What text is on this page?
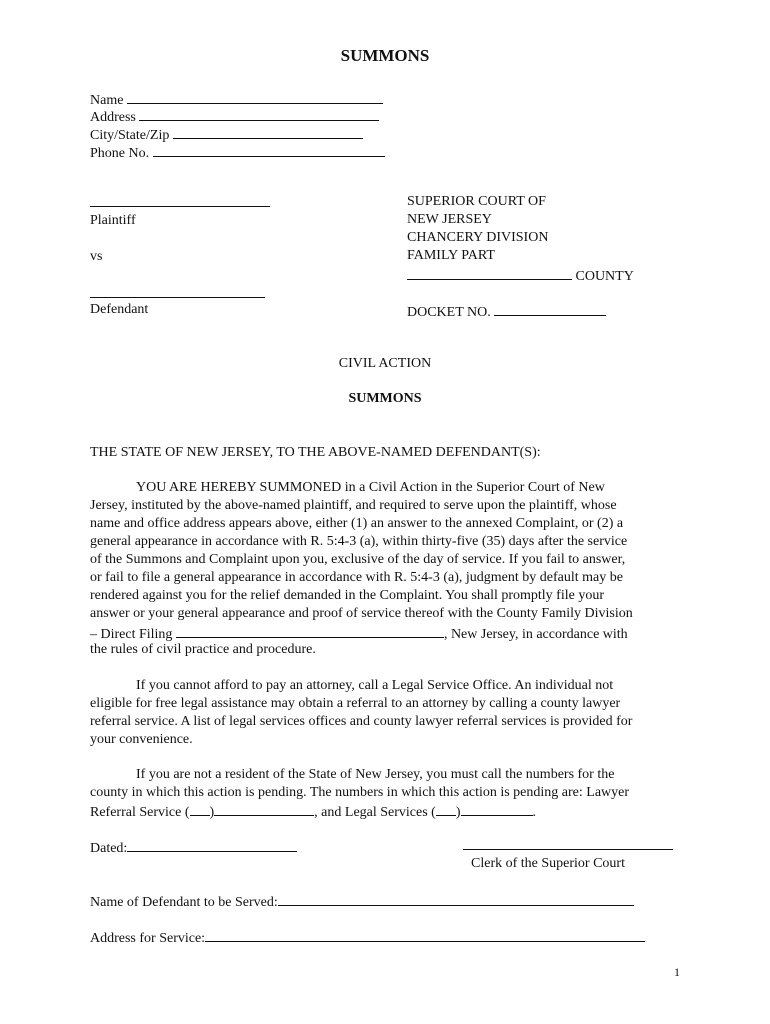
SUMMONS
Name
Address
City/State/Zip
Phone No.
Plaintiff
vs
Defendant
SUPERIOR COURT OF
NEW JERSEY
CHANCERY DIVISION
FAMILY PART
COUNTY
DOCKET NO.
CIVIL ACTION
SUMMONS
THE STATE OF NEW JERSEY, TO THE ABOVE-NAMED DEFENDANT(S):
YOU ARE HEREBY SUMMONED in a Civil Action in the Superior Court of New
Jersey, instituted by the above-named plaintiff, and required to serve upon the plaintiff, whose
name and office address appears above, either (1) an answer to the annexed Complaint, or (2) a
general appearance in accordance with R. 5:4-3 (a), within thirty-five (35) days after the service
of the Summons and Complaint upon you, exclusive of the day of service. If you fail to answer,
or fail to file a general appearance in accordance with R. 5:4-3 (a), judgment by default may be
rendered against you for the relief demanded in the Complaint. You shall promptly file your
answer or your general appearance and proof of service thereof with the County Family Division
– Direct Filing	, New Jersey, in accordance with
the rules of civil practice and procedure.
If you cannot afford to pay an attorney, call a Legal Service Office. An individual not
eligible for free legal assistance may obtain a referral to an attorney by calling a county lawyer
referral service. A list of legal services offices and county lawyer referral services is provided for
your convenience.
If you are not a resident of the State of New Jersey, you must call the numbers for the
county in which this action is pending. The numbers in which this action is pending are: Lawyer
Referral Service ( )	, and Legal Services ( )	.
Dated:
Clerk of the Superior Court
Name of Defendant to be Served:
Address for Service:
1
